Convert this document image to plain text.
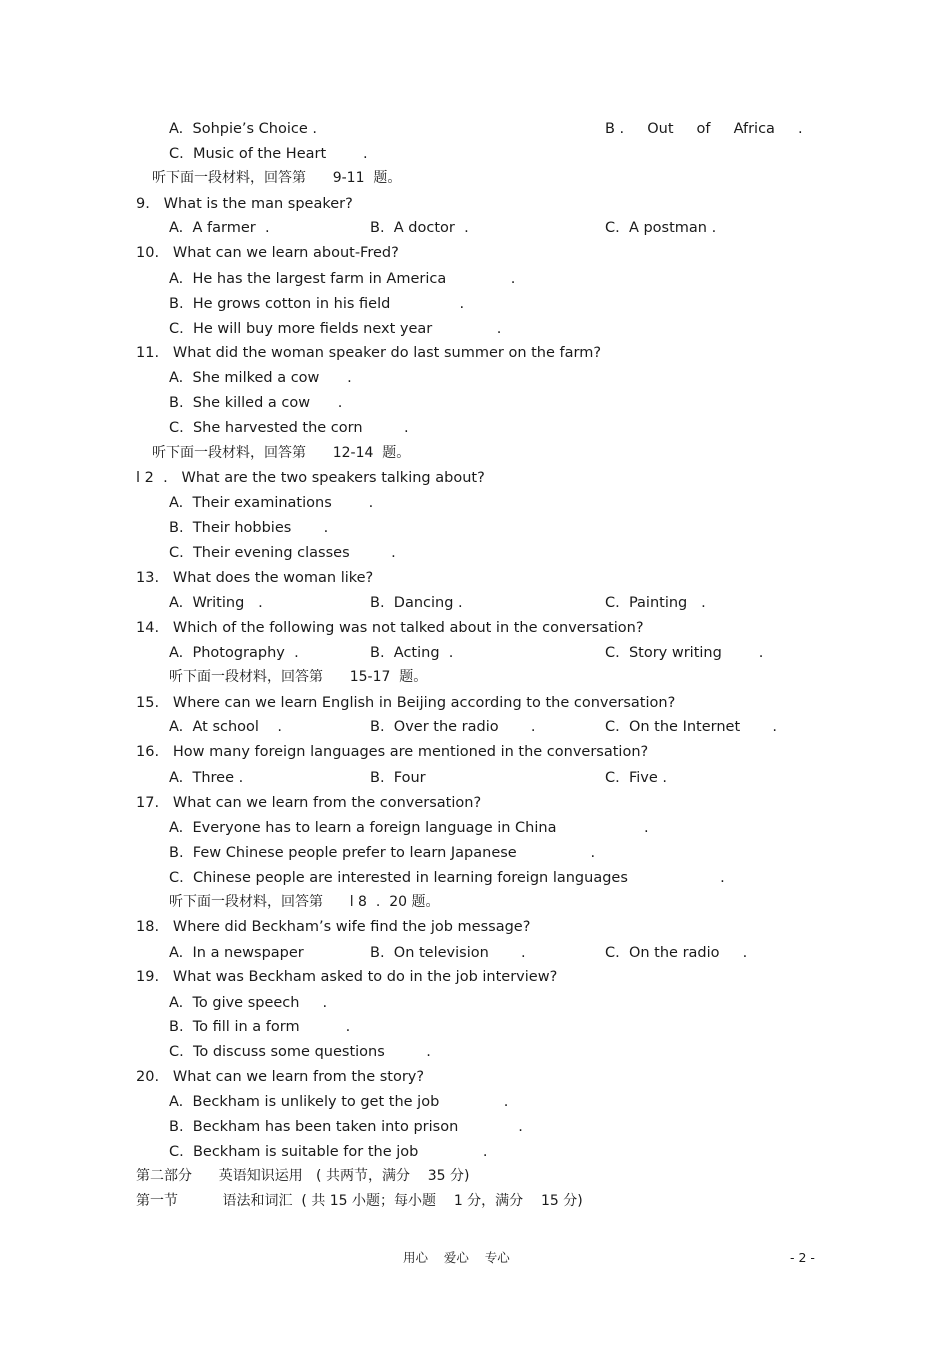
A.  Sohpie’s Choice .	B .     Out     of     Africa     .
C.  Music of the Heart        .
听下面一段材料，回答第      9-11  题。
9.   What is the man speaker?
A.  A farmer  .	B.  A doctor  .	C.  A postman .
10.   What can we learn about-Fred?
A.  He has the largest farm in America              .
B.  He grows cotton in his field               .
C.  He will buy more fields next year              .
11.   What did the woman speaker do last summer on the farm?
A.  She milked a cow      .
B.  She killed a cow      .
C.  She harvested the corn         .
听下面一段材料，回答第      12-14  题。
l 2  .   What are the two speakers talking about?
A.  Their examinations        .
B.  Their hobbies       .
C.  Their evening classes         .
13.   What does the woman like?
A.  Writing   .	B.  Dancing .	C.  Painting   .
14.   Which of the following was not talked about in the conversation?
A.  Photography  .	B.  Acting  .	C.  Story writing        .
听下面一段材料，回答第      15-17  题。
15.   Where can we learn English in Beijing according to the conversation?
A.  At school    .	B.  Over the radio       .	C.  On the Internet       .
16.   How many foreign languages are mentioned in the conversation?
A.  Three .	B.  Four	C.  Five .
17.   What can we learn from the conversation?
A.  Everyone has to learn a foreign language in China                   .
B.  Few Chinese people prefer to learn Japanese                .
C.  Chinese people are interested in learning foreign languages                    .
听下面一段材料，回答第      l 8  .  20 题。
18.   Where did Beckham’s wife find the job message?
A.  In a newspaper	B.  On television       .	C.  On the radio     .
19.   What was Beckham asked to do in the job interview?
A.  To give speech     .
B.  To fill in a form          .
C.  To discuss some questions         .
20.   What can we learn from the story?
A.  Beckham is unlikely to get the job              .
B.  Beckham has been taken into prison             .
C.  Beckham is suitable for the job              .
第二部分      英语知识运用   ( 共两节，满分    35 分)
第一节          语法和词汇  ( 共 15 小题；每小题    1 分，满分    15 分)
用心    爱心    专心	- 2 -
